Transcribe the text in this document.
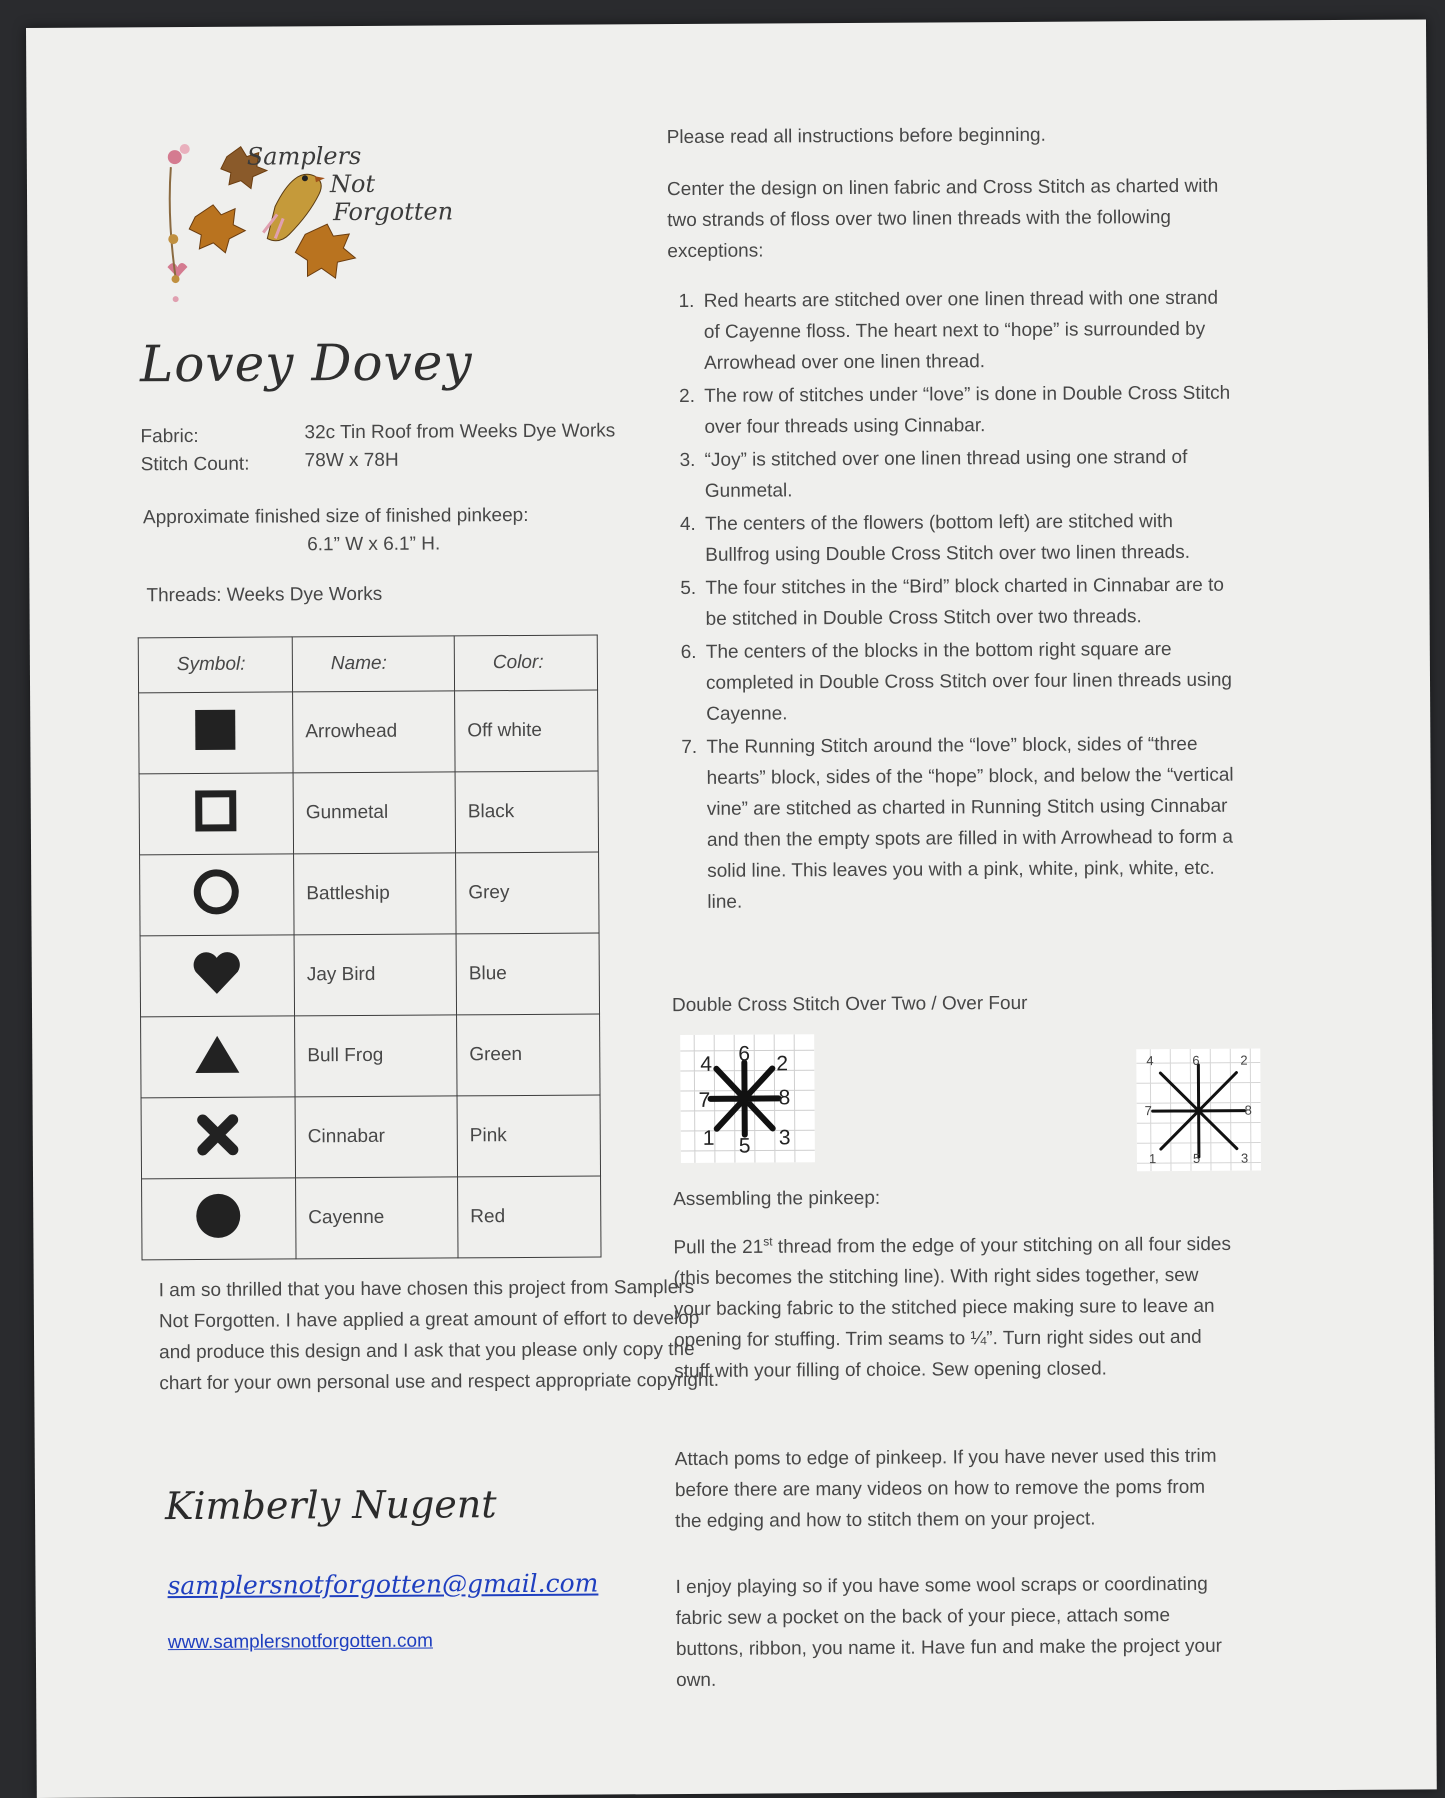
Samplers
Not
Forgotten
Lovey Dovey
Fabric:	32c Tin Roof from Weeks Dye Works
Stitch Count:	78W x 78H
Approximate finished size of finished pinkeep:
6.1” W x 6.1” H.
Threads: Weeks Dye Works
Symbol:	Name:	Color:
	Arrowhead	Off white
	Gunmetal	Black
	Battleship	Grey
	Jay Bird	Blue
	Bull Frog	Green
	Cinnabar	Pink
	Cayenne	Red
I am so thrilled that you have chosen this project from Samplers Not Forgotten. I have applied a great amount of effort to develop and produce this design and I ask that you please only copy the chart for your own personal use and respect appropriate copyright.
Kimberly Nugent
samplersnotforgotten@gmail.com
www.samplersnotforgotten.com
Please read all instructions before beginning.
Center the design on linen fabric and Cross Stitch as charted with two strands of floss over two linen threads with the following exceptions:
1. Red hearts are stitched over one linen thread with one strand of Cayenne floss. The heart next to “hope” is surrounded by Arrowhead over one linen thread.
2. The row of stitches under “love” is done in Double Cross Stitch over four threads using Cinnabar.
3. “Joy” is stitched over one linen thread using one strand of Gunmetal.
4. The centers of the flowers (bottom left) are stitched with Bullfrog using Double Cross Stitch over two linen threads.
5. The four stitches in the “Bird” block charted in Cinnabar are to be stitched in Double Cross Stitch over two threads.
6. The centers of the blocks in the bottom right square are completed in Double Cross Stitch over four linen threads using Cayenne.
7. The Running Stitch around the “love” block, sides of “three hearts” block, sides of the “hope” block, and below the “vertical vine” are stitched as charted in Running Stitch using Cinnabar and then the empty spots are filled in with Arrowhead to form a solid line. This leaves you with a pink, white, pink, white, etc. line.
Double Cross Stitch Over Two / Over Four
4 6 2
7	8
1 5 3
4	6	2
7	8
1	5	3
Assembling the pinkeep:
Pull the 21st thread from the edge of your stitching on all four sides (this becomes the stitching line). With right sides together, sew your backing fabric to the stitched piece making sure to leave an opening for stuffing. Trim seams to ¼”. Turn right sides out and stuff with your filling of choice. Sew opening closed.
Attach poms to edge of pinkeep. If you have never used this trim before there are many videos on how to remove the poms from the edging and how to stitch them on your project.
I enjoy playing so if you have some wool scraps or coordinating fabric sew a pocket on the back of your piece, attach some buttons, ribbon, you name it. Have fun and make the project your own.
